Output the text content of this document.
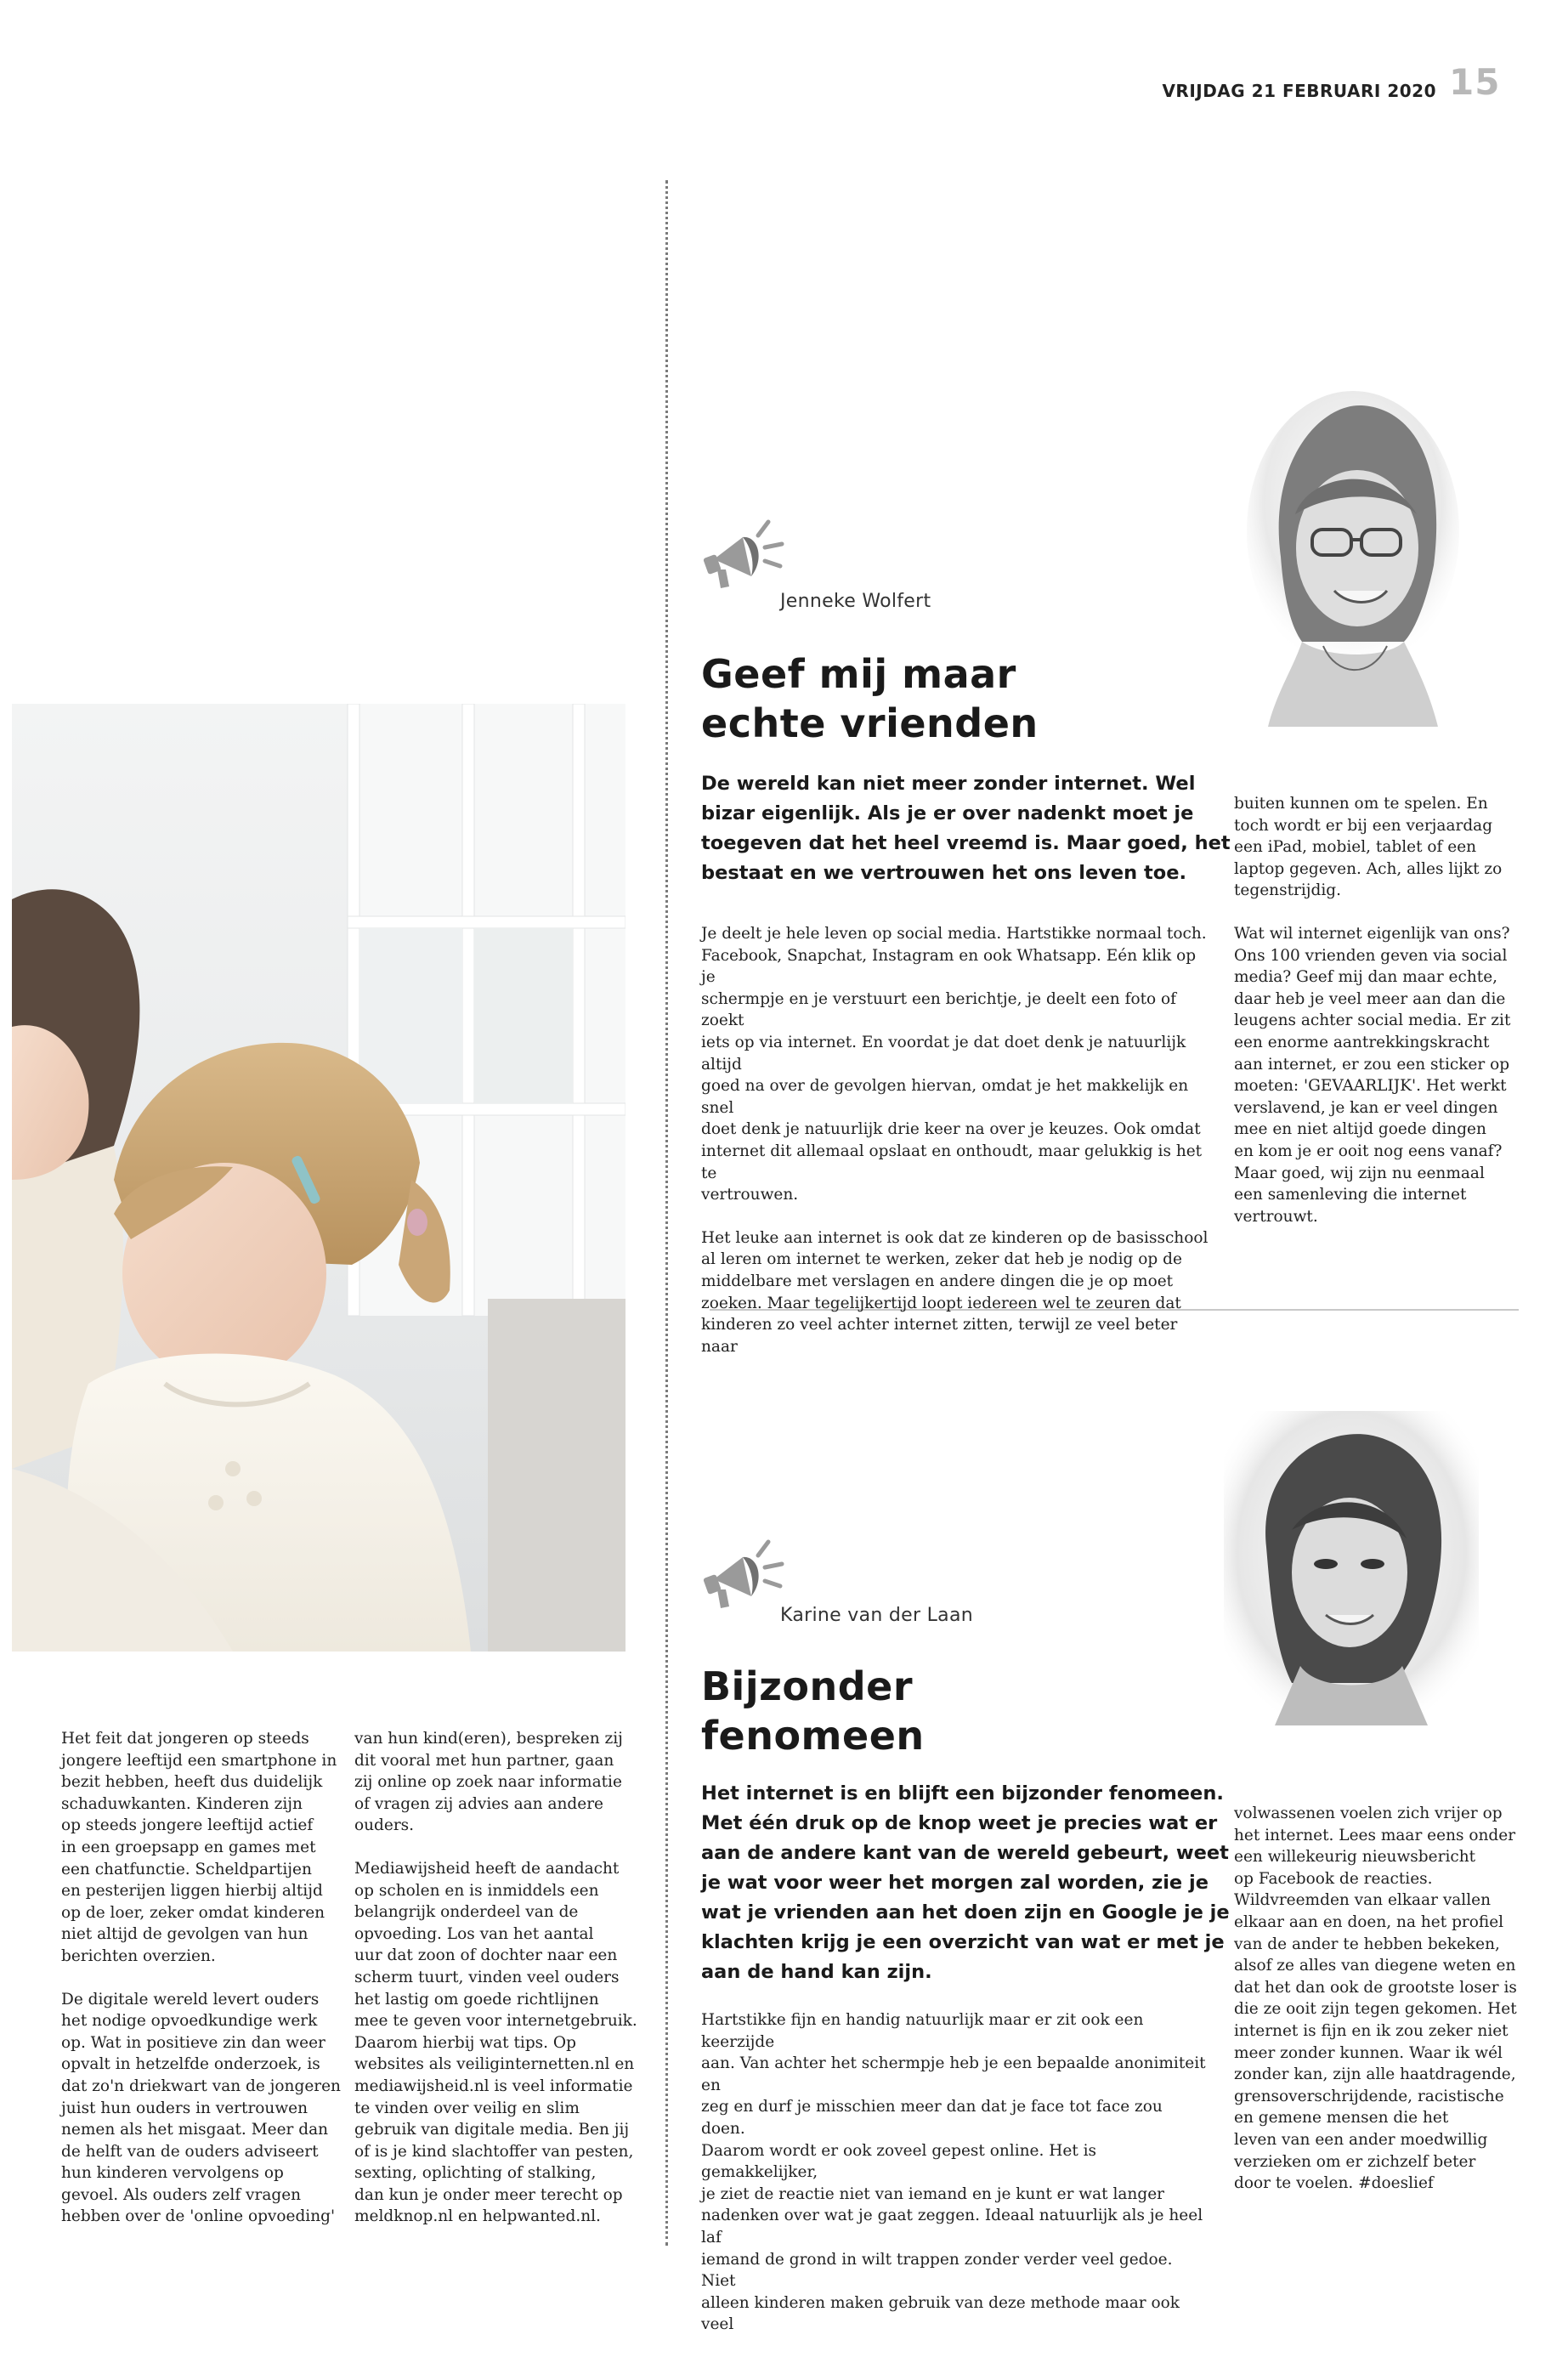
VRIJDAG 21 FEBRUARI 2020 15
Jenneke Wolfert
Geef mij maar
echte vrienden
De wereld kan niet meer zonder internet. Wel
bizar eigenlijk. Als je er over nadenkt moet je
toegeven dat het heel vreemd is. Maar goed, het
bestaat en we vertrouwen het ons leven toe.

Je deelt je hele leven op social media. Hartstikke normaal toch.
Facebook, Snapchat, Instagram en ook Whatsapp. Eén klik op je
schermpje en je verstuurt een berichtje, je deelt een foto of zoekt
iets op via internet. En voordat je dat doet denk je natuurlijk altijd
goed na over de gevolgen hiervan, omdat je het makkelijk en snel
doet denk je natuurlijk drie keer na over je keuzes. Ook omdat
internet dit allemaal opslaat en onthoudt, maar gelukkig is het te
vertrouwen.

Het leuke aan internet is ook dat ze kinderen op de basisschool
al leren om internet te werken, zeker dat heb je nodig op de
middelbare met verslagen en andere dingen die je op moet
zoeken. Maar tegelijkertijd loopt iedereen wel te zeuren dat
kinderen zo veel achter internet zitten, terwijl ze veel beter naar

buiten kunnen om te spelen. En
toch wordt er bij een verjaardag
een iPad, mobiel, tablet of een
laptop gegeven. Ach, alles lijkt zo
tegenstrijdig.

Wat wil internet eigenlijk van ons?
Ons 100 vrienden geven via social
media? Geef mij dan maar echte,
daar heb je veel meer aan dan die
leugens achter social media. Er zit
een enorme aantrekkingskracht
aan internet, er zou een sticker op
moeten: 'GEVAARLIJK'. Het werkt
verslavend, je kan er veel dingen
mee en niet altijd goede dingen
en kom je er ooit nog eens vanaf?
Maar goed, wij zijn nu eenmaal
een samenleving die internet
vertrouwt.

Karine van der Laan
Bijzonder
fenomeen
Het internet is en blijft een bijzonder fenomeen.
Met één druk op de knop weet je precies wat er
aan de andere kant van de wereld gebeurt, weet
je wat voor weer het morgen zal worden, zie je
wat je vrienden aan het doen zijn en Google je je
klachten krijg je een overzicht van wat er met je
aan de hand kan zijn.

Hartstikke fijn en handig natuurlijk maar er zit ook een keerzijde
aan. Van achter het schermpje heb je een bepaalde anonimiteit en
zeg en durf je misschien meer dan dat je face tot face zou doen.
Daarom wordt er ook zoveel gepest online. Het is gemakkelijker,
je ziet de reactie niet van iemand en je kunt er wat langer
nadenken over wat je gaat zeggen. Ideaal natuurlijk als je heel laf
iemand de grond in wilt trappen zonder verder veel gedoe. Niet
alleen kinderen maken gebruik van deze methode maar ook veel

volwassenen voelen zich vrijer op
het internet. Lees maar eens onder
een willekeurig nieuwsbericht
op Facebook de reacties.
Wildvreemden van elkaar vallen
elkaar aan en doen, na het profiel
van de ander te hebben bekeken,
alsof ze alles van diegene weten en
dat het dan ook de grootste loser is
die ze ooit zijn tegen gekomen. Het
internet is fijn en ik zou zeker niet
meer zonder kunnen. Waar ik wél
zonder kan, zijn alle haatdragende,
grensoverschrijdende, racistische
en gemene mensen die het
leven van een ander moedwillig
verzieken om er zichzelf beter
door te voelen. #doeslief

Het feit dat jongeren op steeds
jongere leeftijd een smartphone in
bezit hebben, heeft dus duidelijk
schaduwkanten. Kinderen zijn
op steeds jongere leeftijd actief
in een groepsapp en games met
een chatfunctie. Scheldpartijen
en pesterijen liggen hierbij altijd
op de loer, zeker omdat kinderen
niet altijd de gevolgen van hun
berichten overzien.

De digitale wereld levert ouders
het nodige opvoedkundige werk
op. Wat in positieve zin dan weer
opvalt in hetzelfde onderzoek, is
dat zo'n driekwart van de jongeren
juist hun ouders in vertrouwen
nemen als het misgaat. Meer dan
de helft van de ouders adviseert
hun kinderen vervolgens op
gevoel. Als ouders zelf vragen
hebben over de 'online opvoeding'

van hun kind(eren), bespreken zij
dit vooral met hun partner, gaan
zij online op zoek naar informatie
of vragen zij advies aan andere
ouders.

Mediawijsheid heeft de aandacht
op scholen en is inmiddels een
belangrijk onderdeel van de
opvoeding. Los van het aantal
uur dat zoon of dochter naar een
scherm tuurt, vinden veel ouders
het lastig om goede richtlijnen
mee te geven voor internetgebruik.
Daarom hierbij wat tips. Op
websites als veiliginternetten.nl en
mediawijsheid.nl is veel informatie
te vinden over veilig en slim
gebruik van digitale media. Ben jij
of is je kind slachtoffer van pesten,
sexting, oplichting of stalking,
dan kun je onder meer terecht op
meldknop.nl en helpwanted.nl.
